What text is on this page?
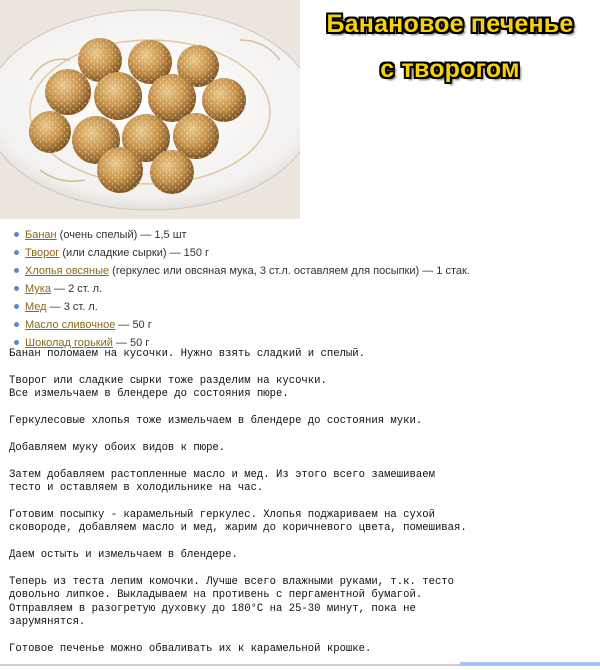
Банановое печенье
с творогом
Банан (очень спелый) — 1,5 шт
Творог (или сладкие сырки) — 150 г
Хлопья овсяные (геркулес или овсяная мука, 3 ст.л. оставляем для посыпки) — 1 стак.
Мука — 2 ст. л.
Мед — 3 ст. л.
Масло сливочное — 50 г
Шоколад горький — 50 г

Банан поломаем на кусочки. Нужно взять сладкий и спелый.

Творог или сладкие сырки тоже разделим на кусочки.
Все измельчаем в блендере до состояния пюре.

Геркулесовые хлопья тоже измельчаем в блендере до состояния муки.

Добавляем муку обоих видов к пюре.

Затем добавляем растопленные масло и мед. Из этого всего замешиваем
тесто и оставляем в холодильнике на час.

Готовим посыпку - карамельный геркулес. Хлопья поджариваем на сухой
сковороде, добавляем масло и мед, жарим до коричневого цвета, помешивая.

Даем остыть и измельчаем в блендере.

Теперь из теста лепим комочки. Лучше всего влажными руками, т.к. тесто
довольно липкое. Выкладываем на противень с пергаментной бумагой.
Отправляем в разогретую духовку до 180°C на 25-30 минут, пока не
зарумянятся.

Готовое печенье можно обваливать их к карамельной крошке.
